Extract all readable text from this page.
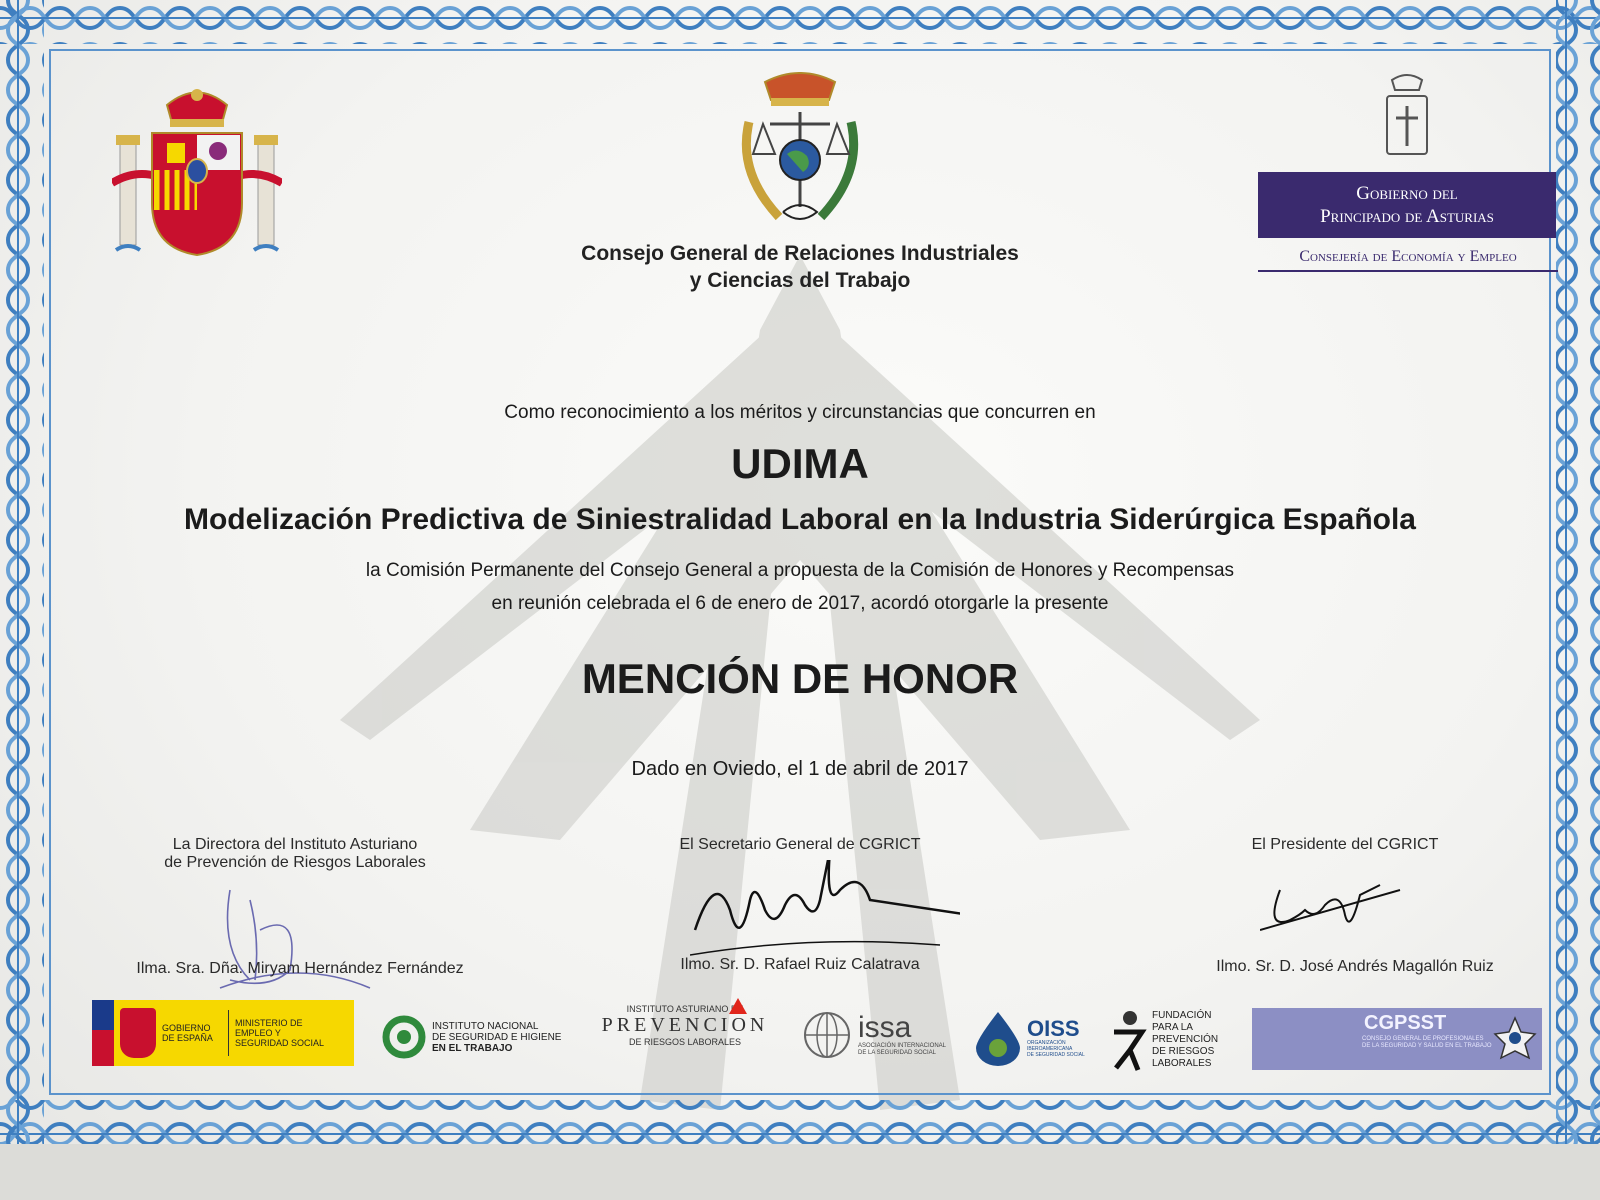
Consejo General de Relaciones Industriales
y Ciencias del Trabajo
Gobierno del
Principado de Asturias
Consejería de Economía y Empleo
Como reconocimiento a los méritos y circunstancias que concurren en
UDIMA
Modelización Predictiva de Siniestralidad Laboral en la Industria Siderúrgica Española
la Comisión Permanente del Consejo General a propuesta de la Comisión de Honores y Recompensas
en reunión celebrada el 6 de enero de 2017, acordó otorgarle la presente
MENCIÓN DE HONOR
Dado en Oviedo, el 1 de abril de 2017
La Directora del Instituto Asturiano
de Prevención de Riesgos Laborales
Ilma. Sra. Dña. Miryam Hernández Fernández
El Secretario General de CGRICT
Ilmo. Sr. D. Rafael Ruiz Calatrava
El Presidente del CGRICT
Ilmo. Sr. D. José Andrés Magallón Ruiz
GOBIERNO DE ESPAÑA
MINISTERIO DE EMPLEO Y SEGURIDAD SOCIAL
INSTITUTO NACIONAL
DE SEGURIDAD E HIGIENE
EN EL TRABAJO
INSTITUTO ASTURIANO DE
PREVENCION
DE RIESGOS LABORALES	issa
ASOCIACIÓN INTERNACIONAL
DE LA SEGURIDAD SOCIAL
OISS
ORGANIZACIÓN
IBEROAMERICANA
DE SEGURIDAD SOCIAL
FUNDACIÓN
PARA LA
PREVENCIÓN
DE RIESGOS
LABORALES
CGPSST
CONSEJO GENERAL DE PROFESIONALES
DE LA SEGURIDAD Y SALUD EN EL TRABAJO
